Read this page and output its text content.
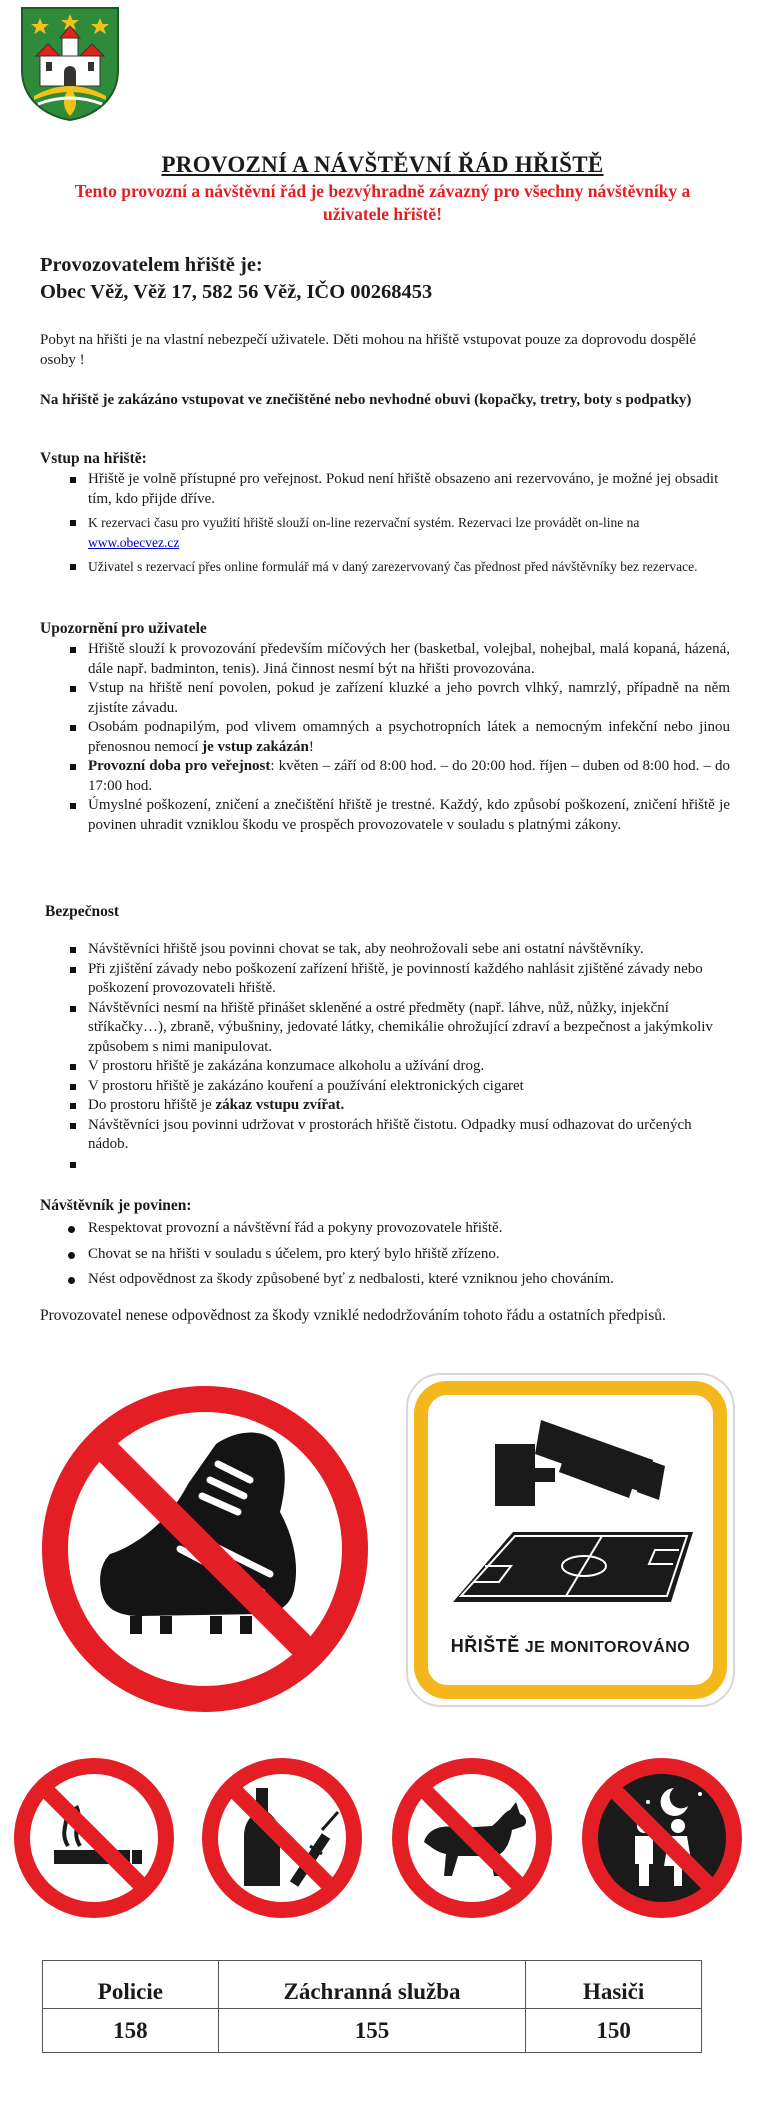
PROVOZNÍ A NÁVŠTĚVNÍ ŘÁD HŘIŠTĚ
Tento provozní a návštěvní řád je bezvýhradně závazný pro všechny návštěvníky a uživatele hřiště!
Provozovatelem hřiště je:
Obec Věž, Věž 17, 582 56 Věž, IČO 00268453

Pobyt na hřišti je na vlastní nebezpečí uživatele. Děti mohou na hřiště vstupovat pouze za doprovodu dospělé osoby !

Na hřiště je zakázáno vstupovat ve znečištěné nebo nevhodné obuvi (kopačky, tretry, boty s podpatky)

Vstup na hřiště:
Hřiště je volně přístupné pro veřejnost. Pokud není hřiště obsazeno ani rezervováno, je možné jej obsadit tím, kdo přijde dříve.
K rezervaci času pro využití hřiště slouží on-line rezervační systém. Rezervaci lze provádět on-line na www.obecvez.cz
Uživatel s rezervací přes online formulář má v daný zarezervovaný čas přednost před návštěvníky bez rezervace.
Upozornění pro uživatele
Hřiště slouží k provozování především míčových her (basketbal, volejbal, nohejbal, malá kopaná, házená, dále např. badminton, tenis). Jiná činnost nesmí být na hřišti provozována.
Vstup na hřiště není povolen, pokud je zařízení kluzké a jeho povrch vlhký, namrzlý, případně na něm zjistíte závadu.
Osobám podnapilým, pod vlivem omamných a psychotropních látek a nemocným infekční nebo jinou přenosnou nemocí je vstup zakázán!
Provozní doba pro veřejnost: květen – září od 8:00 hod. – do 20:00 hod. říjen – duben od 8:00 hod. – do 17:00 hod.
Úmyslné poškození, zničení a znečištění hřiště je trestné. Každý, kdo způsobí poškození, zničení hřiště je povinen uhradit vzniklou škodu ve prospěch provozovatele v souladu s platnými zákony.
Bezpečnost
Návštěvníci hřiště jsou povinni chovat se tak, aby neohrožovali sebe ani ostatní návštěvníky.
Při zjištění závady nebo poškození zařízení hřiště, je povinností každého nahlásit zjištěné závady nebo poškození provozovateli hřiště.
Návštěvníci nesmí na hřiště přinášet skleněné a ostré předměty (např. láhve, nůž, nůžky, injekční stříkačky…), zbraně, výbušniny, jedovaté látky, chemikálie ohrožující zdraví a bezpečnost a jakýmkoliv způsobem s nimi manipulovat.
V prostoru hřiště je zakázána konzumace alkoholu a užívání drog.
V prostoru hřiště je zakázáno kouření a používání elektronických cigaret
Do prostoru hřiště je zákaz vstupu zvířat.
Návštěvníci jsou povinni udržovat v prostorách hřiště čistotu. Odpadky musí odhazovat do určených nádob.
Návštěvník je povinen:
Respektovat provozní a návštěvní řád a pokyny provozovatele hřiště.
Chovat se na hřišti v souladu s účelem, pro který bylo hřiště zřízeno.
Nést odpovědnost za škody způsobené byť z nedbalosti, které vzniknou jeho chováním.

Provozovatel nenese odpovědnost za škody vzniklé nedodržováním tohoto řádu a ostatních předpisů.

HŘIŠTĚ JE MONITOROVÁNO
Policie	Záchranná služba	Hasiči
158	155	150
